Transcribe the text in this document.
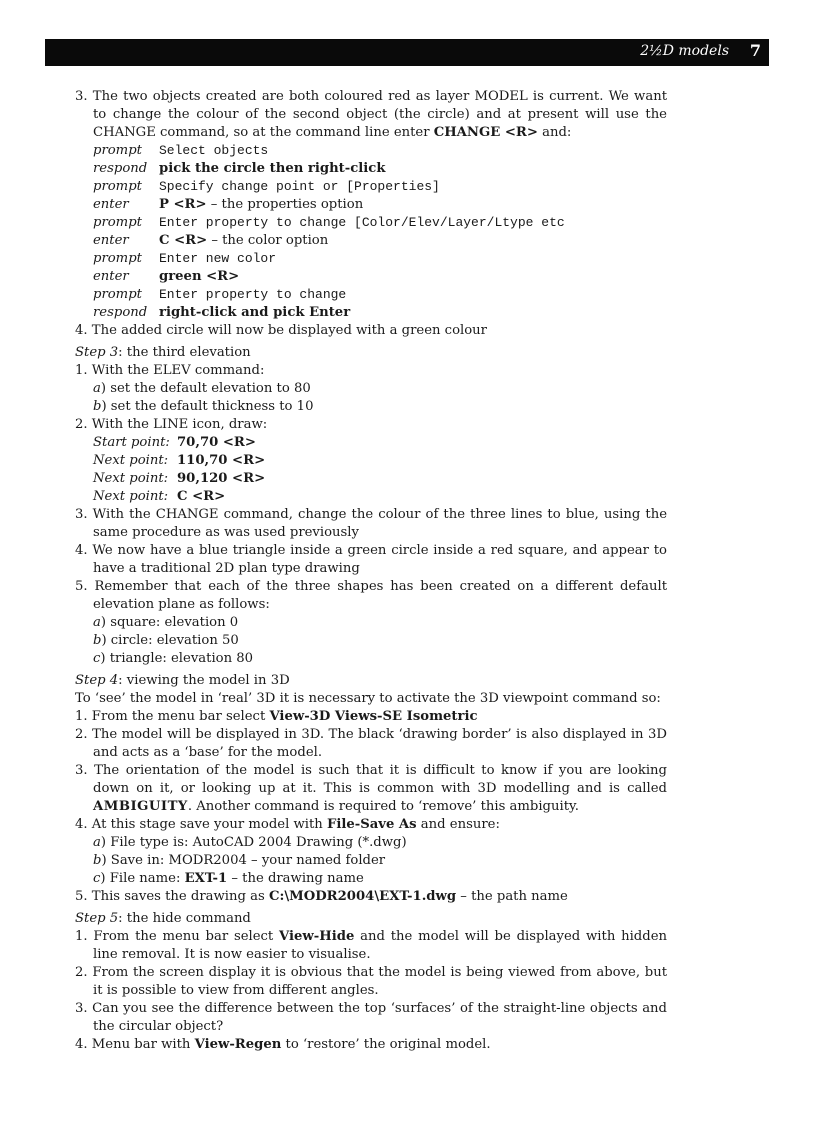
2½D models 7
3. The two objects created are both coloured red as layer MODEL is current. We want to change the colour of the second object (the circle) and at present will use the CHANGE command, so at the command line enter CHANGE <R> and:
prompt	Select objects
respond pick the circle then right-click
prompt	Specify change point or [Properties]
enter	P <R> – the properties option
prompt	Enter property to change [Color/Elev/Layer/Ltype etc
enter	C <R> – the color option
prompt	Enter new color
enter	green <R>
prompt	Enter property to change
respond right-click and pick Enter
4. The added circle will now be displayed with a green colour
Step 3: the third elevation
1. With the ELEV command:
a) set the default elevation to 80
b) set the default thickness to 10
2. With the LINE icon, draw:
Start point: 70,70 <R>
Next point: 110,70 <R>
Next point: 90,120 <R>
Next point: C <R>
3. With the CHANGE command, change the colour of the three lines to blue, using the same procedure as was used previously
4. We now have a blue triangle inside a green circle inside a red square, and appear to have a traditional 2D plan type drawing
5. Remember that each of the three shapes has been created on a different default elevation plane as follows:
a) square: elevation 0
b) circle: elevation 50
c) triangle: elevation 80
Step 4: viewing the model in 3D
To ‘see’ the model in ‘real’ 3D it is necessary to activate the 3D viewpoint command so:
1. From the menu bar select View-3D Views-SE Isometric
2. The model will be displayed in 3D. The black ‘drawing border’ is also displayed in 3D and acts as a ‘base’ for the model.
3. The orientation of the model is such that it is difficult to know if you are looking down on it, or looking up at it. This is common with 3D modelling and is called AMBIGUITY. Another command is required to ‘remove’ this ambiguity.
4. At this stage save your model with File-Save As and ensure:
a) File type is: AutoCAD 2004 Drawing (*.dwg)
b) Save in: MODR2004 – your named folder
c) File name: EXT-1 – the drawing name
5. This saves the drawing as C:\MODR2004\EXT-1.dwg – the path name
Step 5: the hide command
1. From the menu bar select View-Hide and the model will be displayed with hidden line removal. It is now easier to visualise.
2. From the screen display it is obvious that the model is being viewed from above, but it is possible to view from different angles.
3. Can you see the difference between the top ‘surfaces’ of the straight-line objects and the circular object?
4. Menu bar with View-Regen to ‘restore’ the original model.
